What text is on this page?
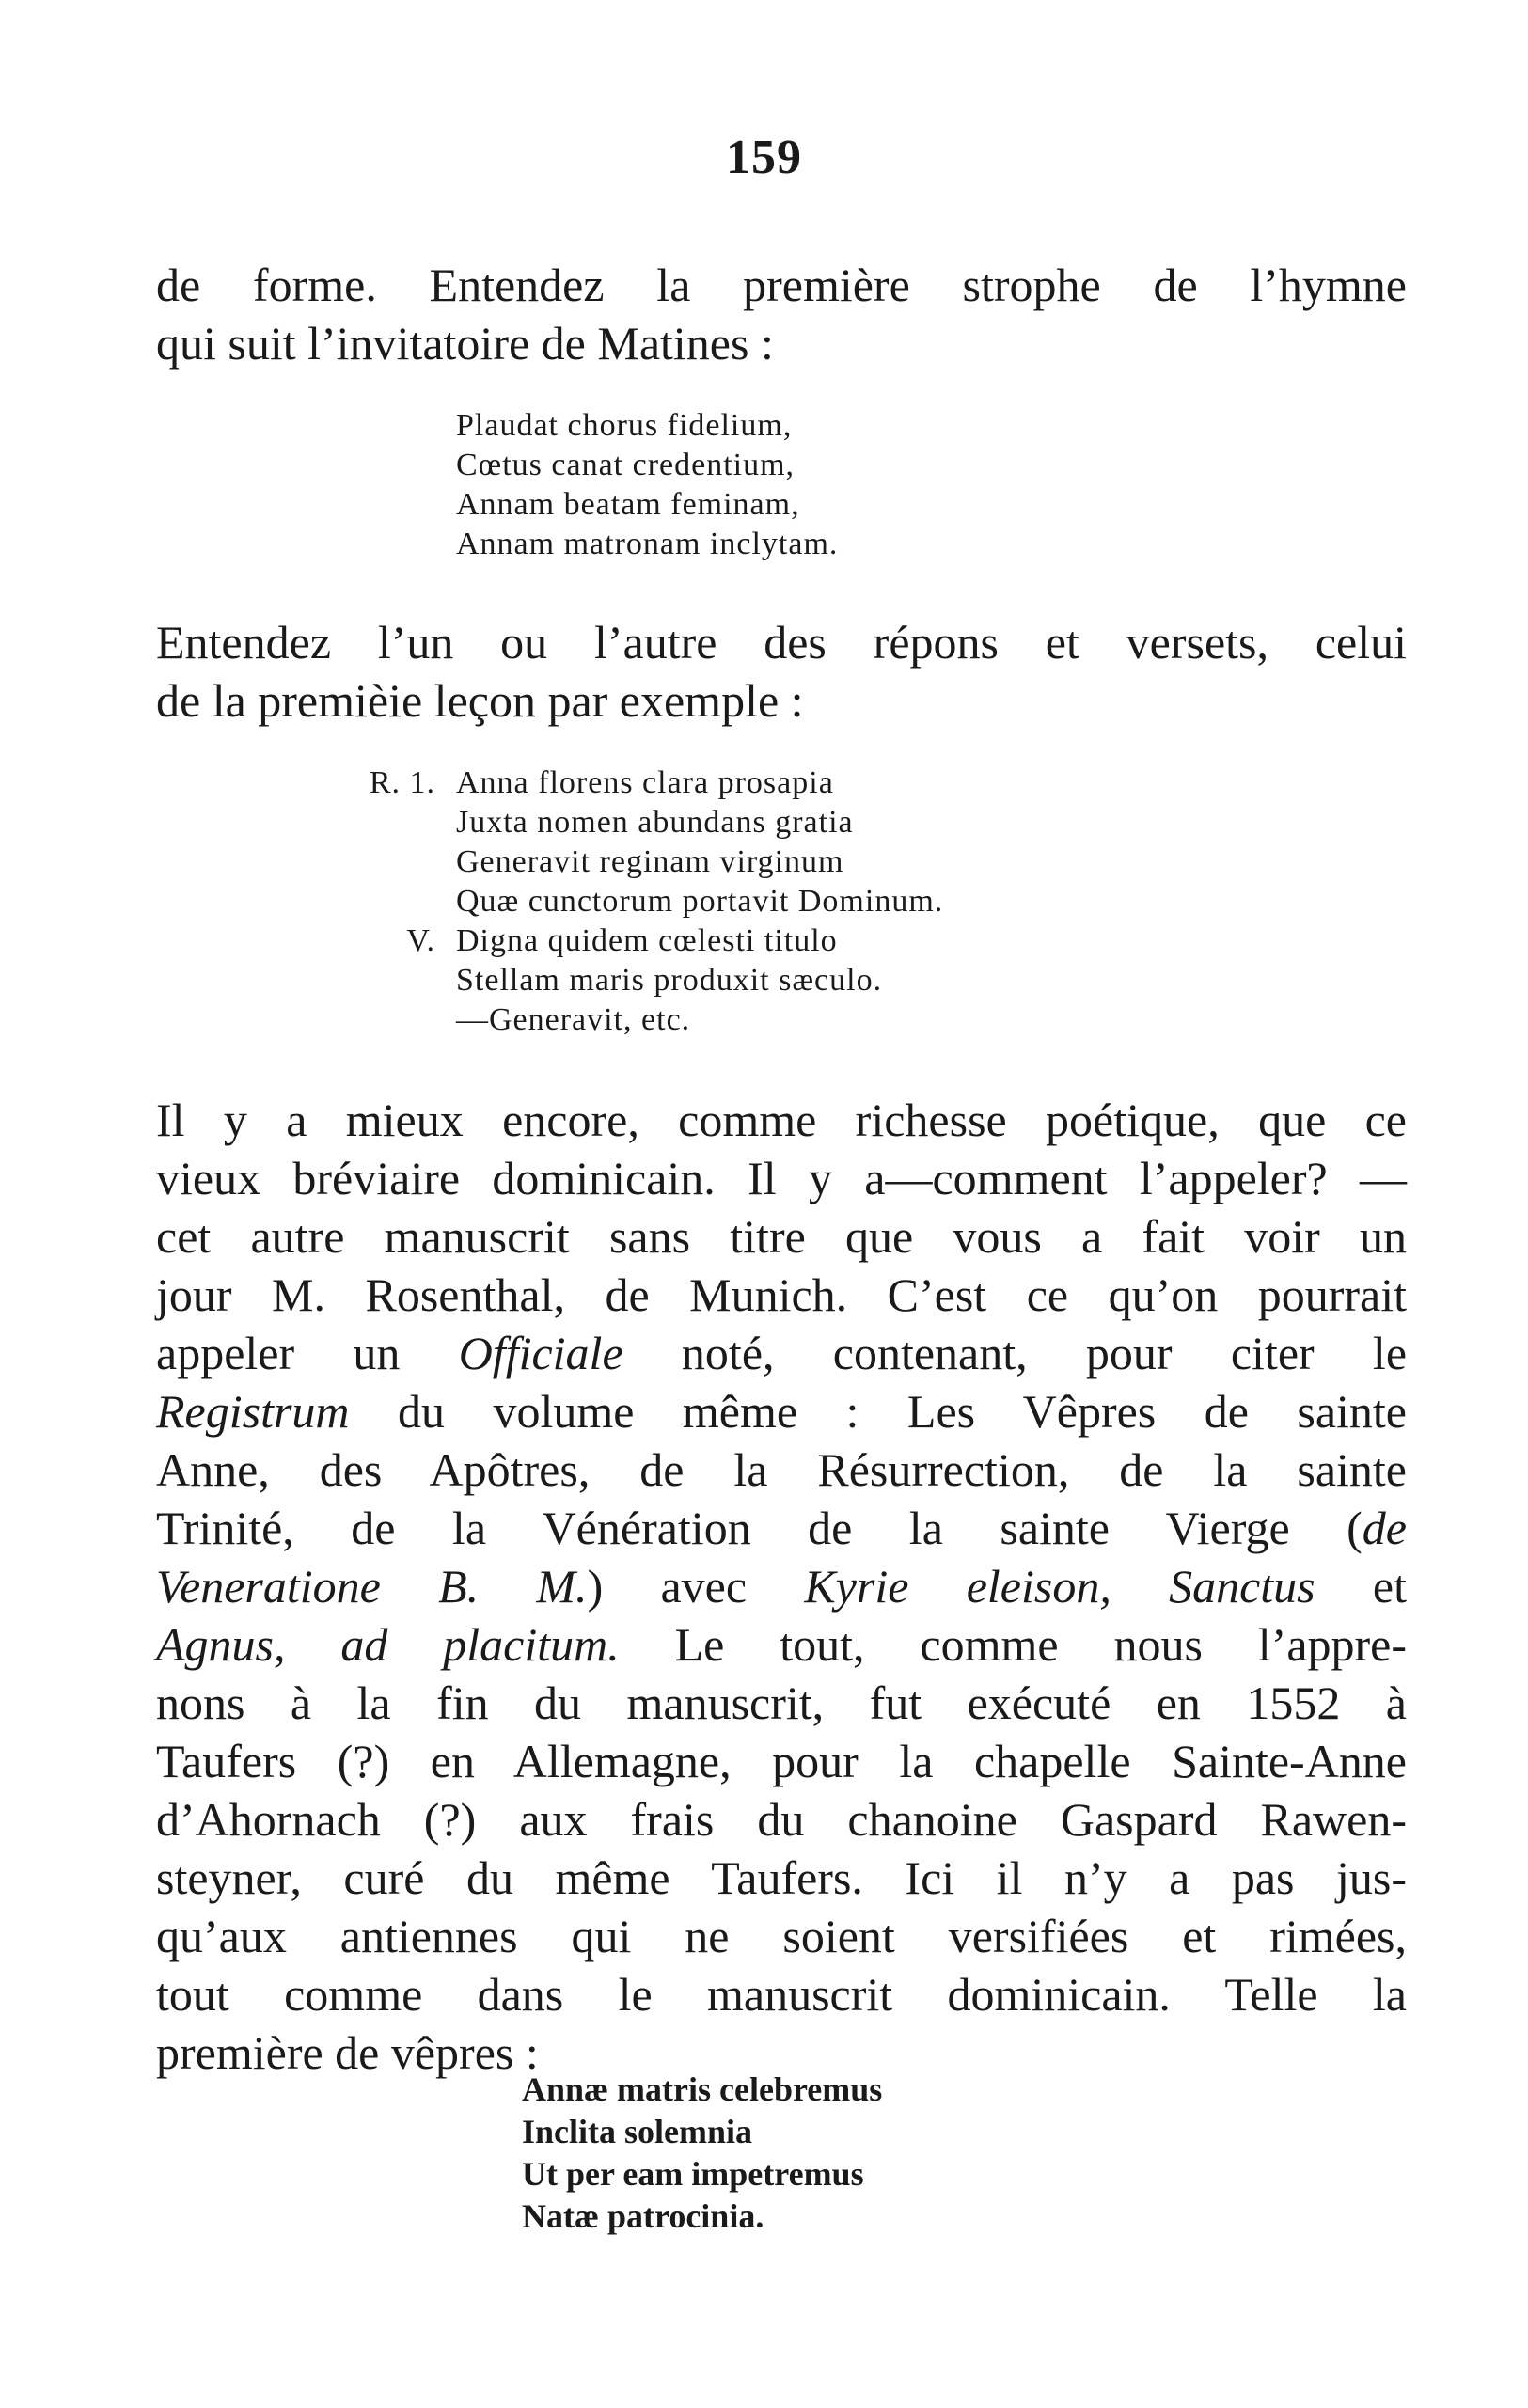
159
de forme. Entendez la première strophe de l’hymne
qui suit l’invitatoire de Matines :
Plaudat chorus fidelium,
Cœtus canat credentium,
Annam beatam feminam,
Annam matronam inclytam.
Entendez l’un ou l’autre des répons et versets, celui
de la premièie leçon par exemple :
R. 1. Anna florens clara prosapia
Juxta nomen abundans gratia
Generavit reginam virginum
Quæ cunctorum portavit Dominum.
V. Digna quidem cœlesti titulo
Stellam maris produxit sæculo.
—Generavit, etc.
Il y a mieux encore, comme richesse poétique, que ce
vieux bréviaire dominicain. Il y a—comment l’appeler? —
cet autre manuscrit sans titre que vous a fait voir un
jour M. Rosenthal, de Munich. C’est ce qu’on pourrait
appeler un Officiale noté, contenant, pour citer le
Registrum du volume même : Les Vêpres de sainte
Anne, des Apôtres, de la Résurrection, de la sainte
Trinité, de la Vénération de la sainte Vierge (de
Veneratione B. M.) avec Kyrie eleison, Sanctus et
Agnus, ad placitum. Le tout, comme nous l’appre-
nons à la fin du manuscrit, fut exécuté en 1552 à
Taufers (?) en Allemagne, pour la chapelle Sainte-Anne
d’Ahornach (?) aux frais du chanoine Gaspard Rawen-
steyner, curé du même Taufers. Ici il n’y a pas jus-
qu’aux antiennes qui ne soient versifiées et rimées,
tout comme dans le manuscrit dominicain. Telle la
première de vêpres :
Annæ matris celebremus
Inclita solemnia
Ut per eam impetremus
Natæ patrocinia.
